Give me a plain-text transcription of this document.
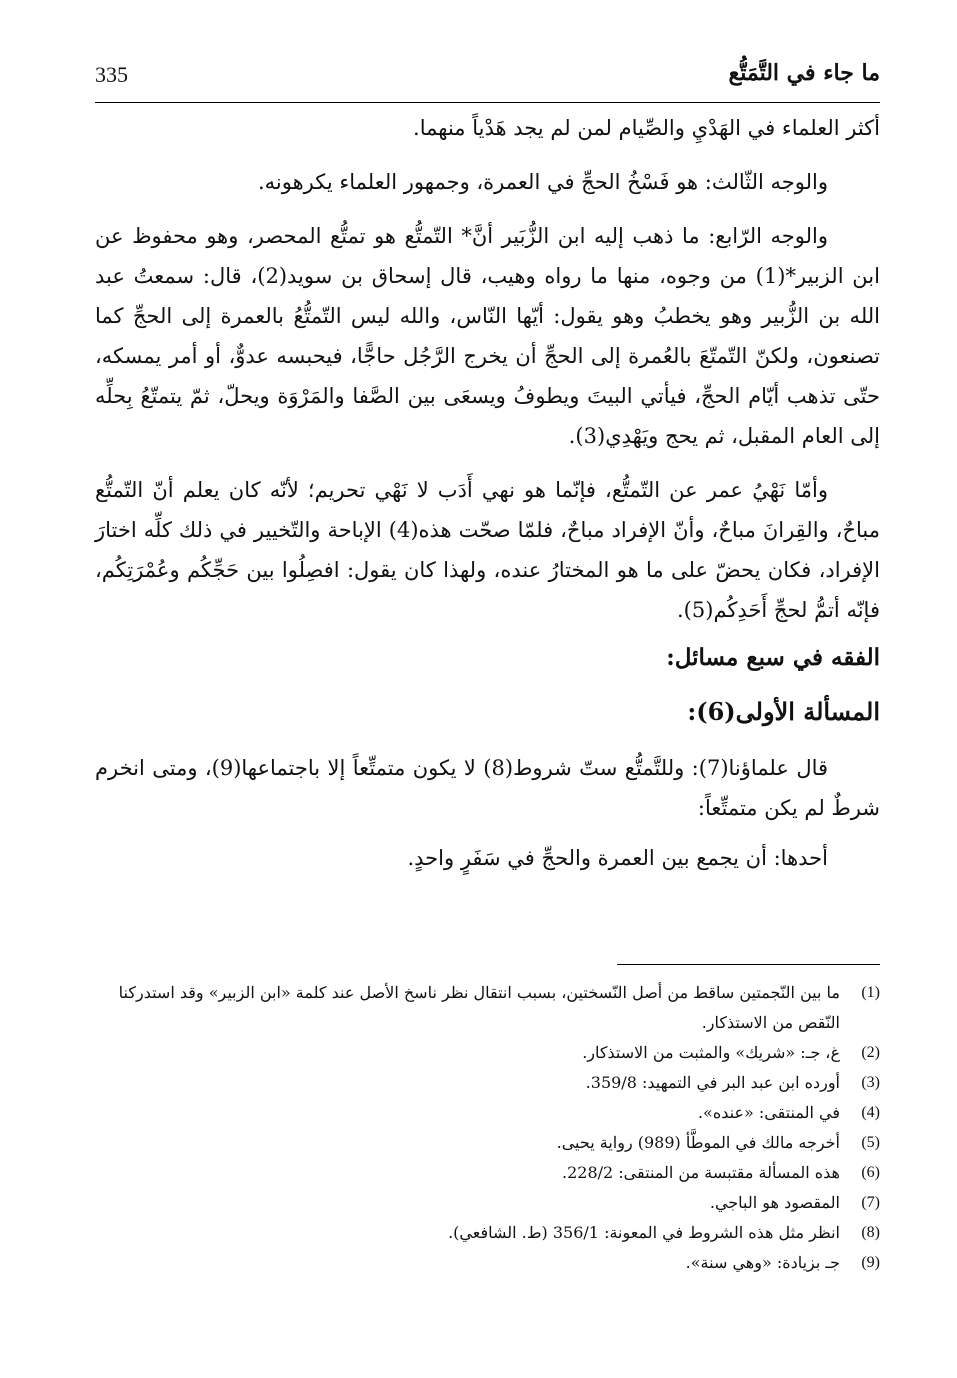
335	ما جاء في التَّمَتُّع

أكثر العلماء في الهَدْيِ والصِّيام لمن لم يجد هَدْياً منهما.

والوجه الثّالث: هو فَسْخُ الحجِّ في العمرة، وجمهور العلماء يكرهونه.

والوجه الرّابع: ما ذهب إليه ابن الزُّبَير أنَّ* التّمتُّع هو تمتُّع المحصر، وهو محفوظ عن ابن الزبير*(1) من وجوه، منها ما رواه وهيب، قال إسحاق بن سويد(2)، قال: سمعتُ عبد الله بن الزُّبير وهو يخطبُ وهو يقول: أيّها النّاس، والله ليس التّمتُّعُ بالعمرة إلى الحجِّ كما تصنعون، ولكنّ التّمتّعَ بالعُمرة إلى الحجِّ أن يخرج الرَّجُل حاجًّا، فيحبسه عدوٌّ، أو أمر يمسكه، حتّى تذهب أيّام الحجِّ، فيأتي البيتَ ويطوفُ ويسعَى بين الصَّفا والمَرْوَة ويحلّ، ثمّ يتمتّعُ بِحلِّه إلى العام المقبل، ثم يحج ويَهْدِي(3).

وأمّا نَهْيُ عمر عن التّمتُّع، فإنّما هو نهي أَدَب لا نَهْي تحريم؛ لأنّه كان يعلم أنّ التّمتُّع مباحٌ، والقِرانَ مباحٌ، وأنّ الإفراد مباحٌ، فلمّا صحّت هذه(4) الإباحة والتّخيير في ذلك كلِّه اختارَ الإفراد، فكان يحضّ على ما هو المختارُ عنده، ولهذا كان يقول: افصِلُوا بين حَجِّكُم وعُمْرَتِكُم، فإنّه أتمُّ لحجِّ أَحَدِكُم(5).

الفقه في سبع مسائل:

المسألة الأولى(6):

قال علماؤنا(7): وللتَّمتُّع ستّ شروط(8) لا يكون متمتِّعاً إلا باجتماعها(9)، ومتى انخرم شرطٌ لم يكن متمتِّعاً:

أحدها: أن يجمع بين العمرة والحجِّ في سَفَرٍ واحدٍ.

(1)
ما بين النّجمتين ساقط من أصل النّسختين، بسبب انتقال نظر ناسخ الأصل عند كلمة «ابن الزبير» وقد استدركنا النّقص من الاستذكار.
(2)
غ، جـ: «شريك» والمثبت من الاستذكار.
(3)
أورده ابن عبد البر في التمهيد: 359/8.
(4)
في المنتقى: «عنده».
(5)
أخرجه مالك في الموطَّأ (989) رواية يحيى.
(6)
هذه المسألة مقتبسة من المنتقى: 228/2.
(7)
المقصود هو الباجي.
(8)
انظر مثل هذه الشروط في المعونة: 356/1 (ط. الشافعي).
(9)
جـ بزيادة: «وهي سنة».
